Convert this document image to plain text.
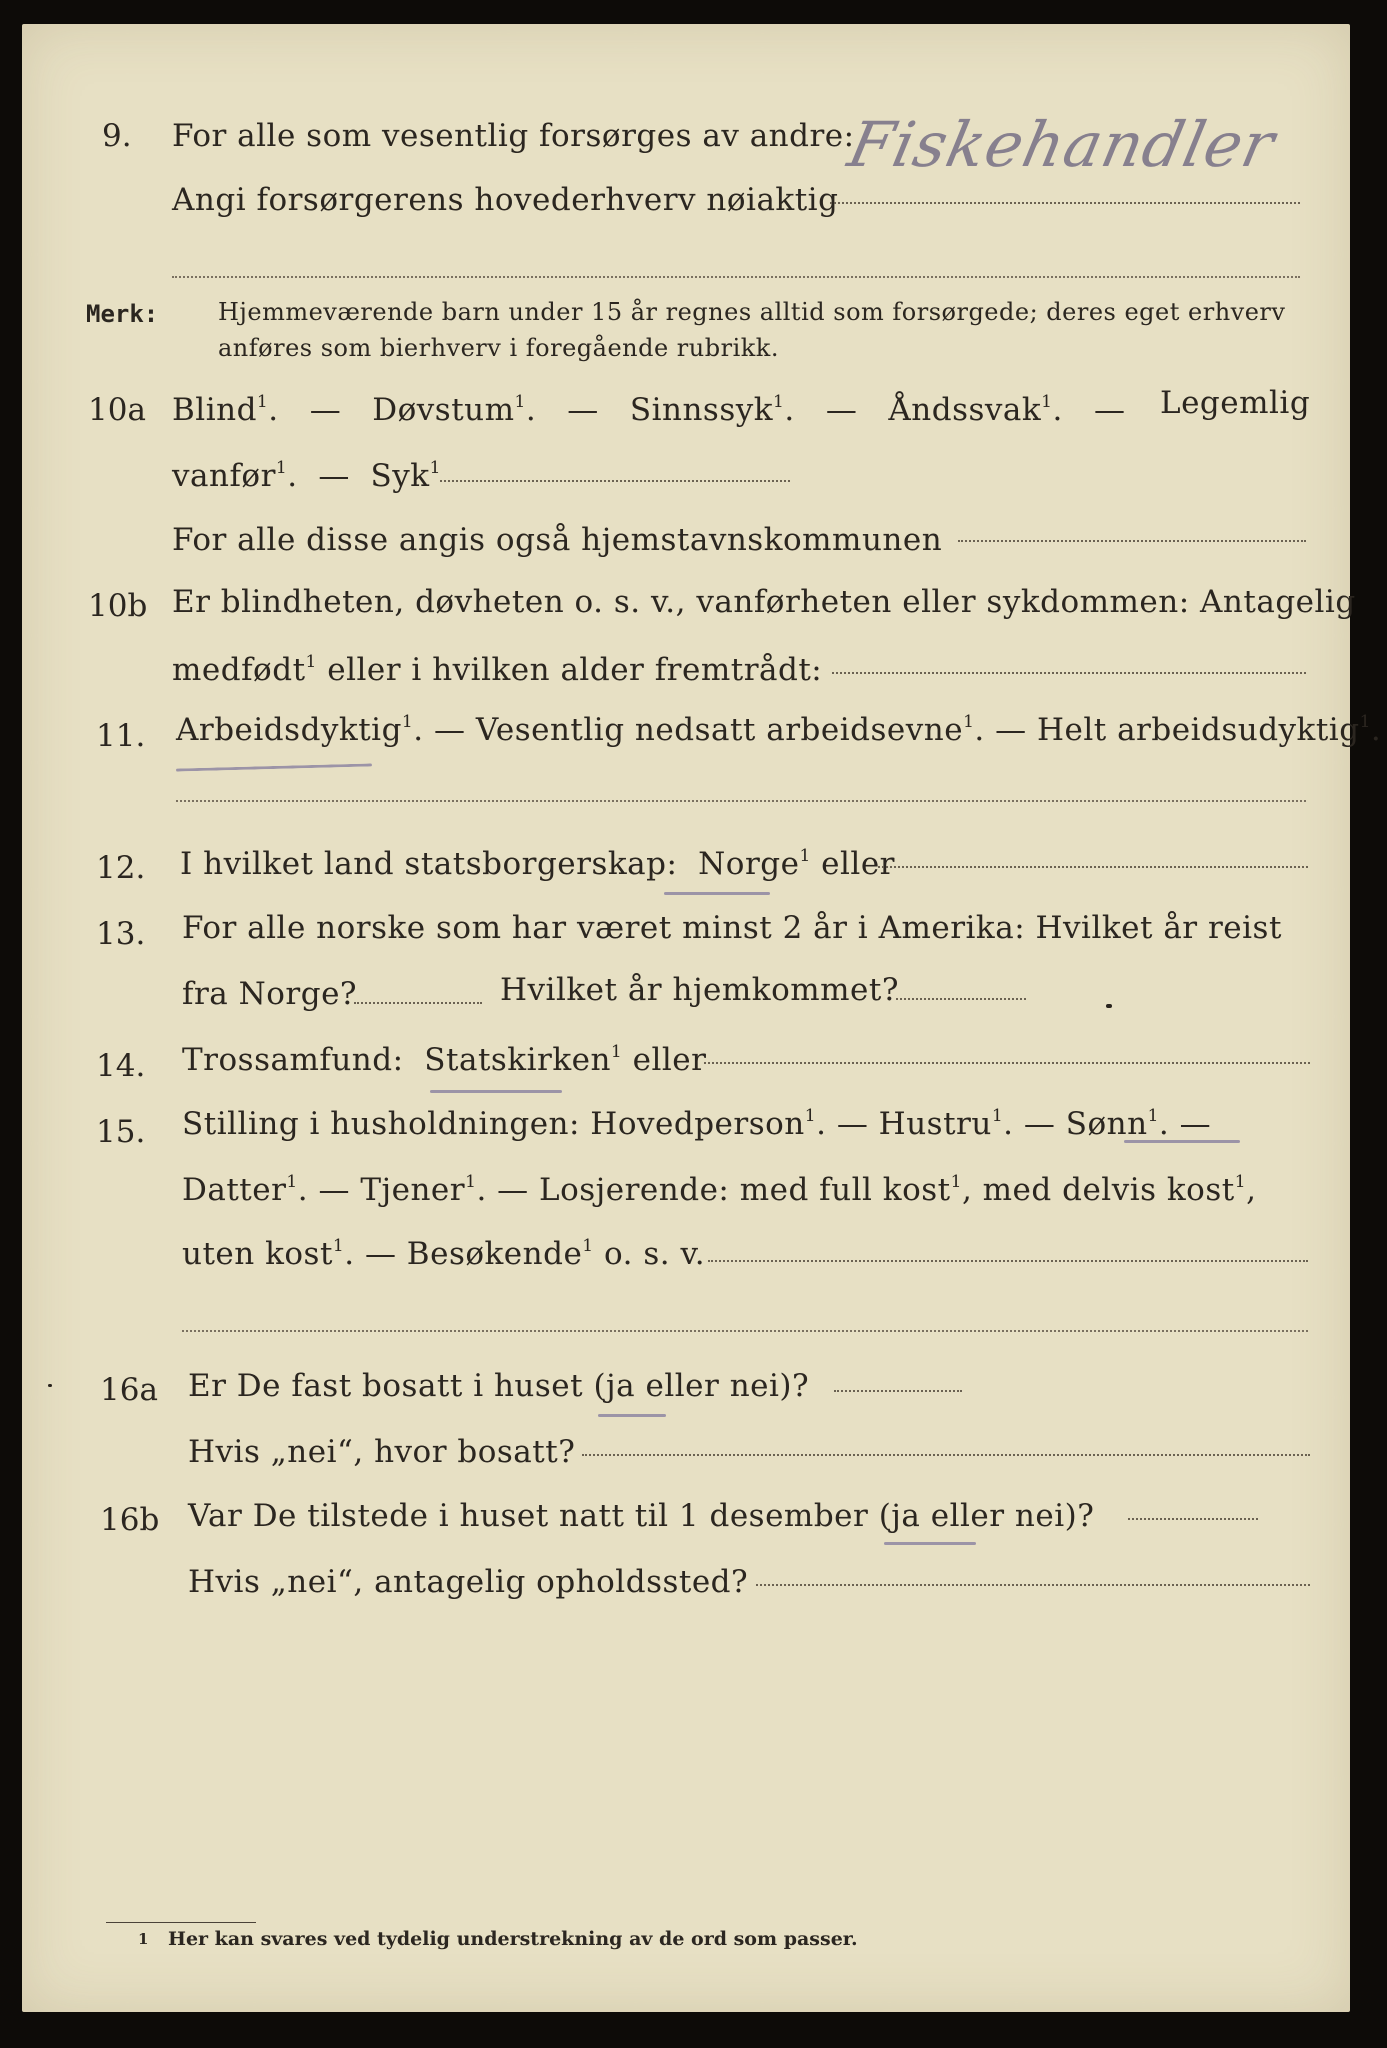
9. For alle som vesentlig forsørges av andre:
Angi forsørgerens hovederhverv nøiaktig
Fiskehandler
Merk: Hjemmeværende barn under 15 år regnes alltid som forsørgede; deres eget erhverv
anføres som bierhverv i foregående rubrikk.
10a Blind$^1$.   — Døvstum$^1$.   — Sinnssyk$^1$.   — Åndssvak$^1$.   — Legemlig
vanfør$^1$.  — Syk$^1$
For alle disse angis også hjemstavnskommunen
10b Er blindheten, døvheten o. s. v., vanførheten eller sykdommen: Antagelig
medfødt$^1$ eller i hvilken alder fremtrådt:
11. Arbeidsdyktig$^1$. — Vesentlig nedsatt arbeidsevne$^1$. — Helt arbeidsudyktig$^1$.
12. I hvilket land statsborgerskap: Norge$^1$ eller
13. For alle norske som har været minst 2 år i Amerika: Hvilket år reist
fra Norge?	Hvilket år hjemkommet?
14. Trossamfund: Statskirken$^1$ eller
15. Stilling i husholdningen: Hovedperson$^1$. — Hustru$^1$. — Sønn$^1$. —
Datter$^1$. — Tjener$^1$. — Losjerende: med full kost$^1$, med delvis kost$^1$,
uten kost$^1$. — Besøkende$^1$ o. s. v.
16a Er De fast bosatt i huset (ja eller nei)?
Hvis „nei“, hvor bosatt?
16b Var De tilstede i huset natt til 1 desember (ja eller nei)?
Hvis „nei“, antagelig opholdssted?
1 Her kan svares ved tydelig understrekning av de ord som passer.
